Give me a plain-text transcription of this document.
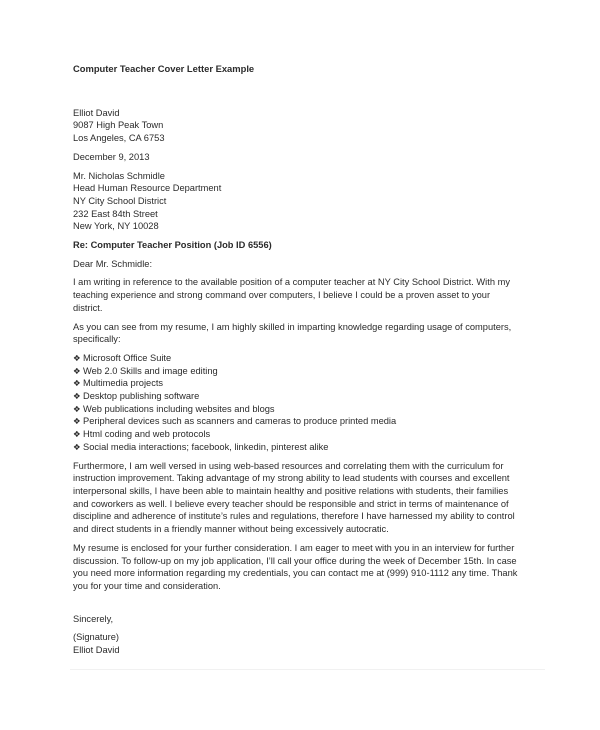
Computer Teacher Cover Letter Example

Elliot David
9087 High Peak Town
Los Angeles, CA 6753
December 9, 2013
Mr. Nicholas Schmidle
Head Human Resource Department
NY City School District
232 East 84th Street
New York, NY 10028
Re: Computer Teacher Position (Job ID 6556)
Dear Mr. Schmidle:
I am writing in reference to the available position of a computer teacher at NY City School District. With my
teaching experience and strong command over computers, I believe I could be a proven asset to your
district.
As you can see from my resume, I am highly skilled in imparting knowledge regarding usage of computers,
specifically:
❖ Microsoft Office Suite
❖ Web 2.0 Skills and image editing
❖ Multimedia projects
❖ Desktop publishing software
❖ Web publications including websites and blogs
❖ Peripheral devices such as scanners and cameras to produce printed media
❖ Html coding and web protocols
❖ Social media interactions; facebook, linkedin, pinterest alike
Furthermore, I am well versed in using web-based resources and correlating them with the curriculum for
instruction improvement. Taking advantage of my strong ability to lead students with courses and excellent
interpersonal skills, I have been able to maintain healthy and positive relations with students, their families
and coworkers as well. I believe every teacher should be responsible and strict in terms of maintenance of
discipline and adherence of institute’s rules and regulations, therefore I have harnessed my ability to control
and direct students in a friendly manner without being excessively autocratic.
My resume is enclosed for your further consideration. I am eager to meet with you in an interview for further
discussion. To follow-up on my job application, I’ll call your office during the week of December 15th. In case
you need more information regarding my credentials, you can contact me at (999) 910-1112 any time. Thank
you for your time and consideration.
Sincerely,
(Signature)
Elliot David
